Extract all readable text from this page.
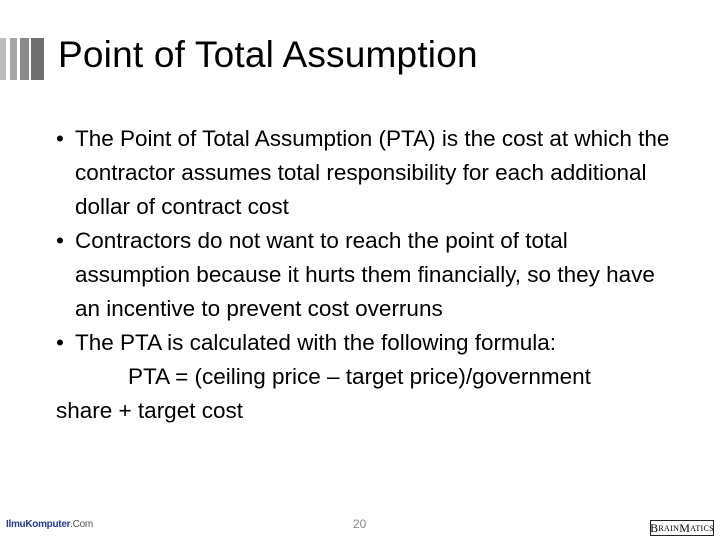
Point of Total Assumption
• The Point of Total Assumption (PTA) is the cost at which the contractor assumes total responsibility for each additional dollar of contract cost
• Contractors do not want to reach the point of total assumption because it hurts them financially, so they have an incentive to prevent cost overruns
• The PTA is calculated with the following formula:
PTA = (ceiling price – target price)/government
share + target cost
IlmuKomputer.Com	20	B RAIN M ATICS
